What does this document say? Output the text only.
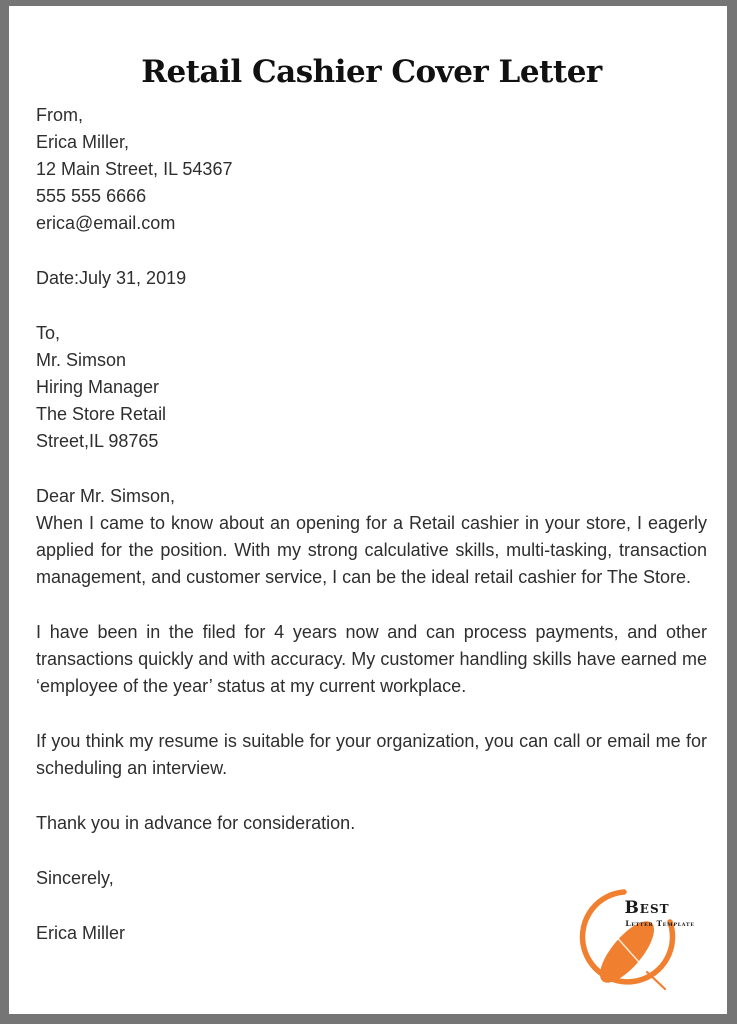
Retail Cashier Cover Letter

From,
Erica Miller,
12 Main Street, IL 54367
555 555 6666
erica@email.com

Date:July 31, 2019

To,
Mr. Simson
Hiring Manager
The Store Retail
Street,IL 98765

Dear Mr. Simson,
When I came to know about an opening for a Retail cashier in your store, I eagerly applied for the position. With my strong calculative skills, multi-tasking, transaction management, and customer service, I can be the ideal retail cashier for The Store.

I have been in the filed for 4 years now and can process payments, and other transactions quickly and with accuracy. My customer handling skills have earned me ‘employee of the year’ status at my current workplace.

If you think my resume is suitable for your organization, you can call or email me for scheduling an interview.

Thank you in advance for consideration.

Sincerely,

Erica Miller

Best
Letter Template
